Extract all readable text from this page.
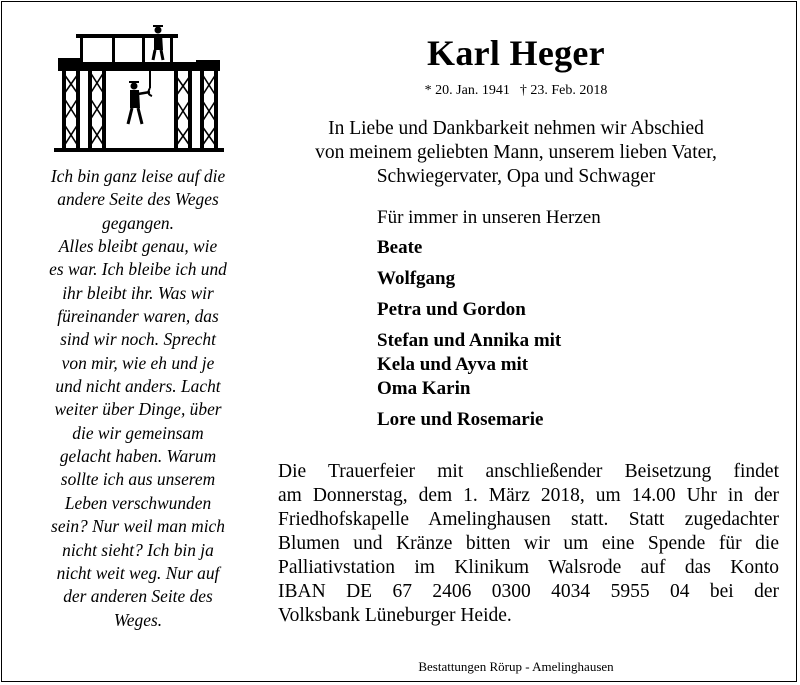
Ich bin ganz leise auf die
andere Seite des Weges
gegangen.
Alles bleibt genau, wie
es war. Ich bleibe ich und
ihr bleibt ihr. Was wir
füreinander waren, das
sind wir noch. Sprecht
von mir, wie eh und je
und nicht anders. Lacht
weiter über Dinge, über
die wir gemeinsam
gelacht haben. Warum
sollte ich aus unserem
Leben verschwunden
sein? Nur weil man mich
nicht sieht? Ich bin ja
nicht weit weg. Nur auf
der anderen Seite des
Weges.
Karl Heger
* 20. Jan. 1941 † 23. Feb. 2018
In Liebe und Dankbarkeit nehmen wir Abschied
von meinem geliebten Mann, unserem lieben Vater,
Schwiegervater, Opa und Schwager
Für immer in unseren Herzen
Beate
Wolfgang
Petra und Gordon
Stefan und Annika mit
Kela und Ayva mit
Oma Karin
Lore und Rosemarie
Die Trauerfeier mit anschließender Beisetzung findet
am Donnerstag, dem 1. März 2018, um 14.00 Uhr in der
Friedhofskapelle Amelinghausen statt. Statt zugedachter
Blumen und Kränze bitten wir um eine Spende für die
Palliativstation im Klinikum Walsrode auf das Konto
IBAN DE 67 2406 0300 4034 5955 04 bei der
Volksbank Lüneburger Heide.
Bestattungen Rörup - Amelinghausen
